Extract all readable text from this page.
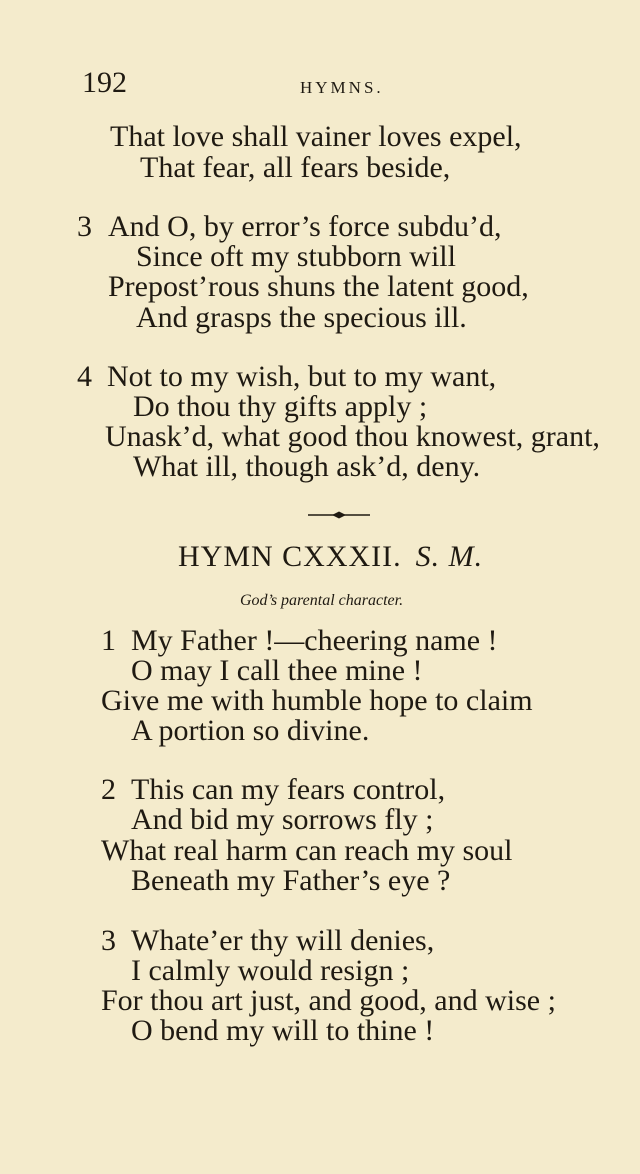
192	HYMNS.
That love shall vainer loves expel,
That fear, all fears beside,
3 And O, by error’s force subdu’d,
Since oft my stubborn will
Prepost’rous shuns the latent good,
And grasps the specious ill.
4 Not to my wish, but to my want,
Do thou thy gifts apply ;
Unask’d, what good thou knowest, grant,
What ill, though ask’d, deny.
HYMN CXXXII. S. M.
God’s parental character.
1 My Father !—cheering name !
O may I call thee mine !
Give me with humble hope to claim
A portion so divine.
2 This can my fears control,
And bid my sorrows fly ;
What real harm can reach my soul
Beneath my Father’s eye ?
3 Whate’er thy will denies,
I calmly would resign ;
For thou art just, and good, and wise ;
O bend my will to thine !
